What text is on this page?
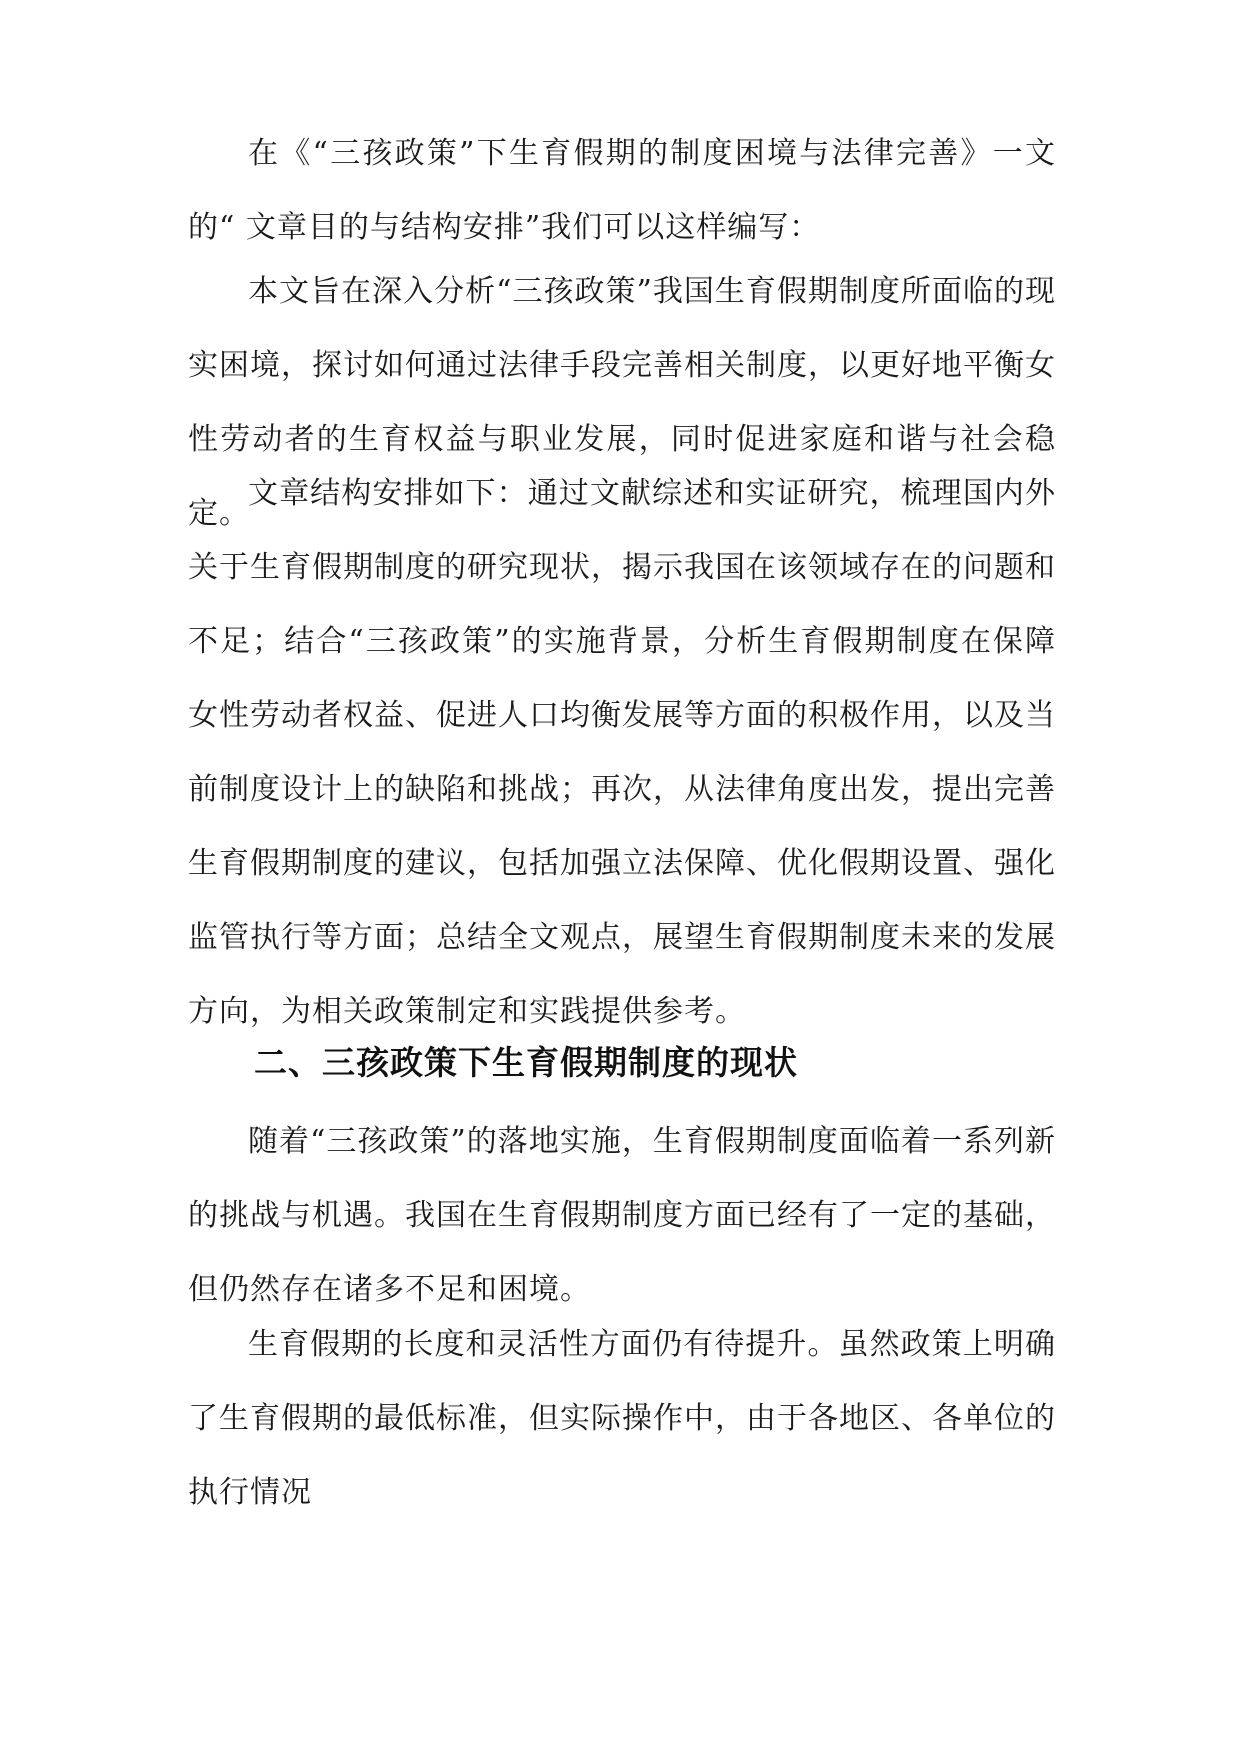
在《“三孩政策”下生育假期的制度困境与法律完善》一文的“ 文章目的与结构安排”我们可以这样编写：

本文旨在深入分析“三孩政策”我国生育假期制度所面临的现实困境，探讨如何通过法律手段完善相关制度，以更好地平衡女性劳动者的生育权益与职业发展，同时促进家庭和谐与社会稳定。

文章结构安排如下：通过文献综述和实证研究，梳理国内外关于生育假期制度的研究现状，揭示我国在该领域存在的问题和不足；结合“三孩政策”的实施背景，分析生育假期制度在保障女性劳动者权益、促进人口均衡发展等方面的积极作用，以及当前制度设计上的缺陷和挑战；再次，从法律角度出发，提出完善生育假期制度的建议，包括加强立法保障、优化假期设置、强化监管执行等方面；总结全文观点，展望生育假期制度未来的发展方向，为相关政策制定和实践提供参考。

二、三孩政策下生育假期制度的现状

随着“三孩政策”的落地实施，生育假期制度面临着一系列新的挑战与机遇。我国在生育假期制度方面已经有了一定的基础，但仍然存在诸多不足和困境。

生育假期的长度和灵活性方面仍有待提升。虽然政策上明确了生育假期的最低标准，但实际操作中，由于各地区、各单位的执行情况
